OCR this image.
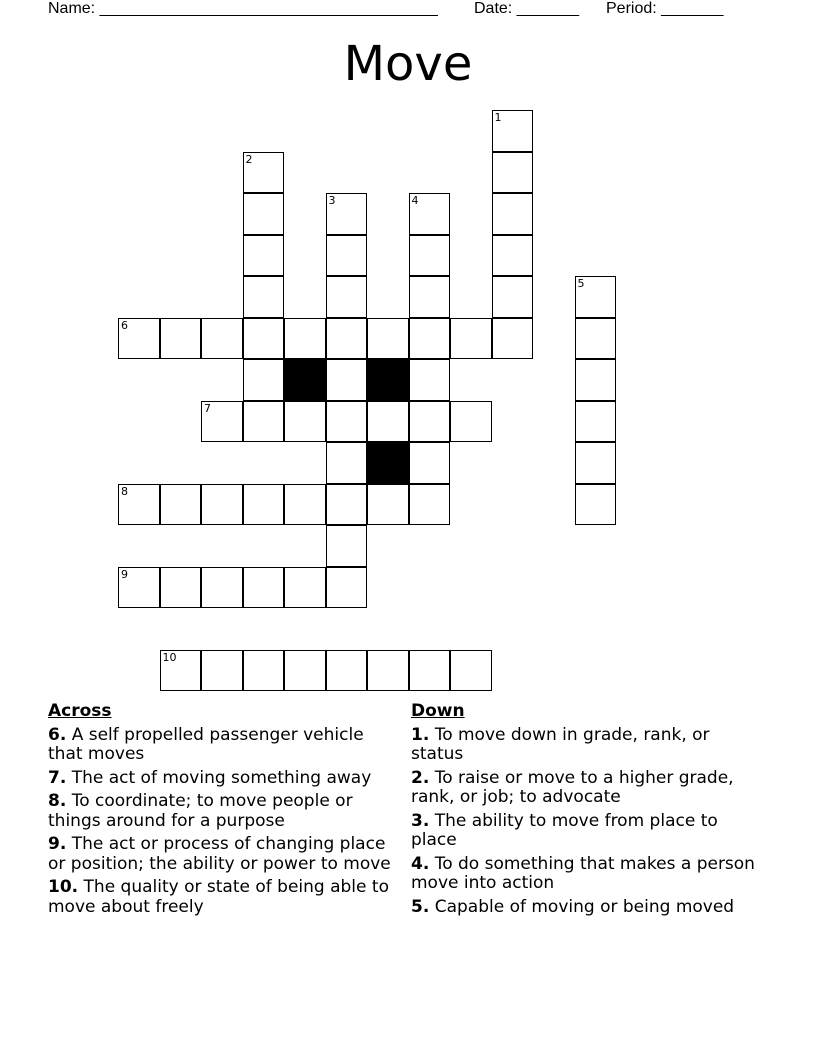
Name: ______________________________________ Date: _______ Period: _______
Move
1
2
3	4
5
6
7
8
9
10
Across
6. A self propelled passenger vehicle that moves
7. The act of moving something away
8. To coordinate; to move people or things around for a purpose
9. The act or process of changing place or position; the ability or power to move
10. The quality or state of being able to move about freely
Down
1. To move down in grade, rank, or status
2. To raise or move to a higher grade, rank, or job; to advocate
3. The ability to move from place to place
4. To do something that makes a person move into action
5. Capable of moving or being moved
